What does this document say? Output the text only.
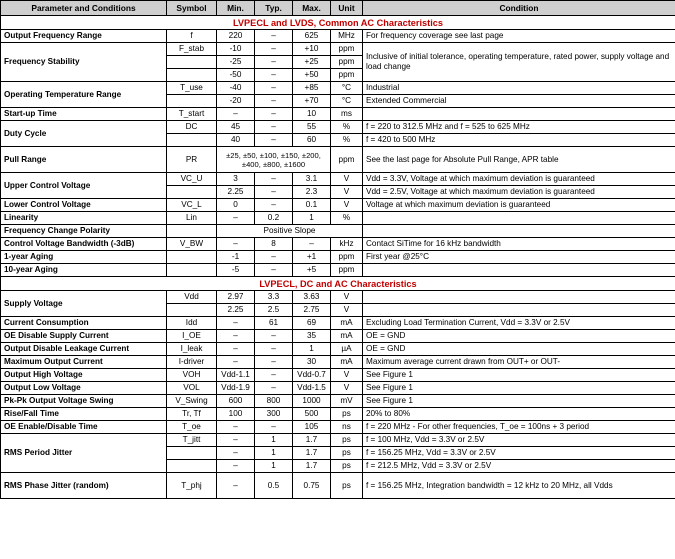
Parameter and Conditions	Symbol	Min.	Typ.	Max.	Unit	Condition	
LVPECL and LVDS, Common AC Characteristics							
Output Frequency Range	f	220	–	625	MHz	For frequency coverage see last page	
Frequency Stability	F_stab	-10	–	+10	ppm	Inclusive of initial tolerance, operating temperature, rated power, supply voltage and load change	
		-25	–	+25	ppm		
		-50	–	+50	ppm		
Operating Temperature Range	T_use	-40	–	+85	°C	Industrial	
		-20	–	+70	°C	Extended Commercial	
Start-up Time	T_start	–	–	10	ms		
Duty Cycle	DC	45	–	55	%	f = 220 to 312.5 MHz and f = 525 to 625 MHz	
		40	–	60	%	f = 420 to 500 MHz	
Pull Range	PR	±25, ±50, ±100, ±150, ±200, ±400, ±800, ±1600			ppm	See the last page for Absolute Pull Range, APR table	
Upper Control Voltage	VC_U	3	–	3.1	V	Vdd = 3.3V, Voltage at which maximum deviation is guaranteed	
		2.25	–	2.3	V	Vdd = 2.5V, Voltage at which maximum deviation is guaranteed	
Lower Control Voltage	VC_L	0	–	0.1	V	Voltage at which maximum deviation is guaranteed	
Linearity	Lin	–	0.2	1	%		
Frequency Change Polarity		Positive Slope					
Control Voltage Bandwidth (-3dB)	V_BW	–	8	–	kHz	Contact SiTime for 16 kHz bandwidth	
1-year Aging		-1	–	+1	ppm	First year @25°C	
10-year Aging		-5	–	+5	ppm		
LVPECL, DC and AC Characteristics							
Supply Voltage	Vdd	2.97	3.3	3.63	V		
		2.25	2.5	2.75	V		
Current Consumption	Idd	–	61	69	mA	Excluding Load Termination Current, Vdd = 3.3V or 2.5V	
OE Disable Supply Current	I_OE	–	–	35	mA	OE = GND	
Output Disable Leakage Current	I_leak	–	–	1	µA	OE = GND	
Maximum Output Current	I-driver	–	–	30	mA	Maximum average current drawn from OUT+ or OUT-	
Output High Voltage	VOH	Vdd-1.1	–	Vdd-0.7	V	See Figure 1	
Output Low Voltage	VOL	Vdd-1.9	–	Vdd-1.5	V	See Figure 1	
Pk-Pk Output Voltage Swing	V_Swing	600	800	1000	mV	See Figure 1	
Rise/Fall Time	Tr, Tf	100	300	500	ps	20% to 80%	
OE Enable/Disable Time	T_oe	–	–	105	ns	f = 220 MHz - For other frequencies, T_oe = 100ns + 3 period	
RMS Period Jitter	T_jitt	–	1	1.7	ps	f = 100 MHz, Vdd = 3.3V or 2.5V	
		–	1	1.7	ps	f = 156.25 MHz, Vdd = 3.3V or 2.5V	
		–	1	1.7	ps	f = 212.5 MHz, Vdd = 3.3V or 2.5V	
RMS Phase Jitter (random)	T_phj	–	0.5	0.75	ps	f = 156.25 MHz, Integration bandwidth = 12 kHz to 20 MHz, all Vdds	
